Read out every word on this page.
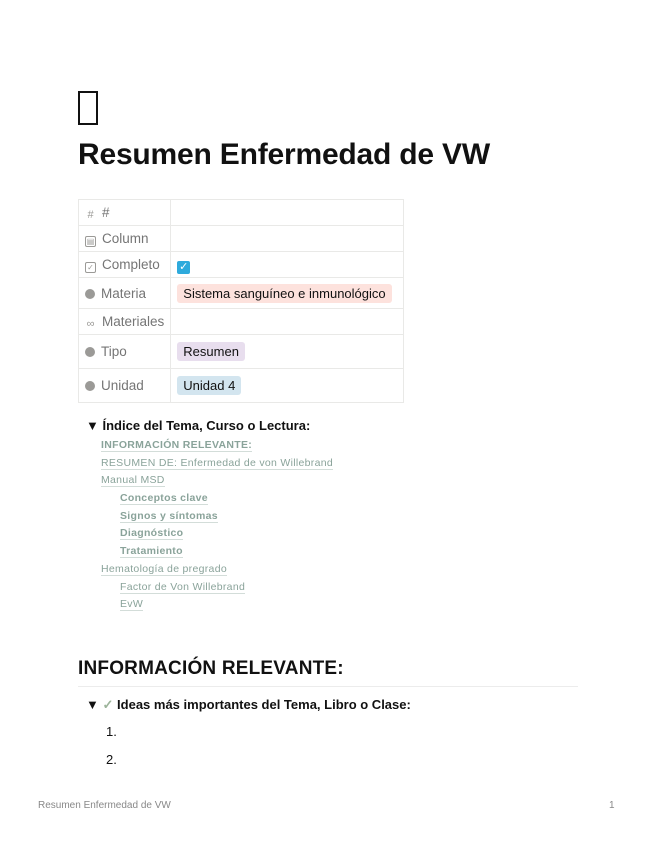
Resumen Enfermedad de VW
# #	
▤ Column	
✓ Completo	✓
Materia	Sistema sanguíneo e inmunológico
∞ Materiales	
Tipo	Resumen
Unidad	Unidad 4
▼ Índice del Tema, Curso o Lectura:
INFORMACIÓN RELEVANTE:
RESUMEN DE: Enfermedad de von Willebrand
Manual MSD
Conceptos clave
Signos y síntomas
Diagnóstico
Tratamiento
Hematología de pregrado
Factor de Von Willebrand
EvW
INFORMACIÓN RELEVANTE:
▼ ✓ Ideas más importantes del Tema, Libro o Clase:
1.
2.
Resumen Enfermedad de VW	1
